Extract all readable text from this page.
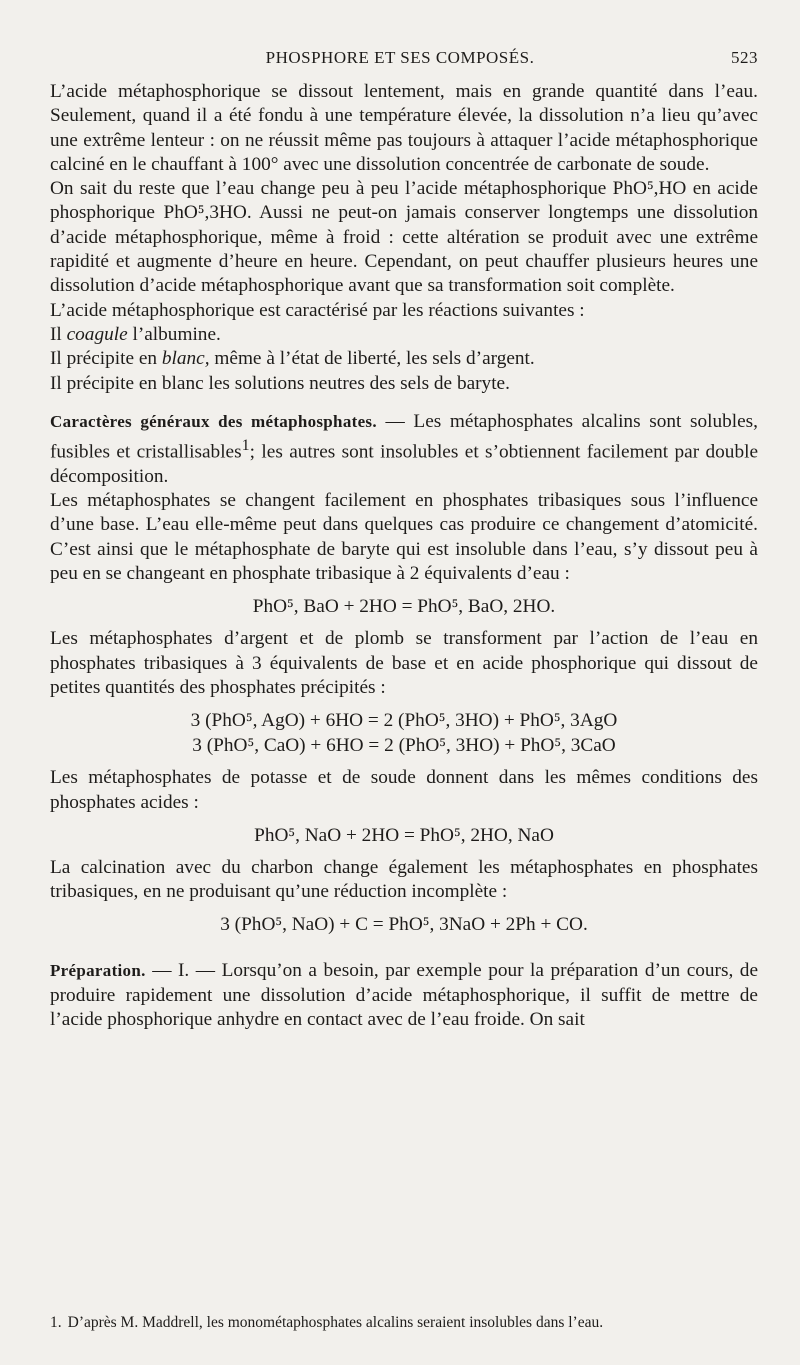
PHOSPHORE ET SES COMPOSÉS.	523

L’acide métaphosphorique se dissout lentement, mais en grande quantité dans l’eau. Seulement, quand il a été fondu à une température élevée, la dissolution n’a lieu qu’avec une extrême lenteur : on ne réussit même pas toujours à attaquer l’acide métaphosphorique calciné en le chauffant à 100° avec une dissolution concentrée de carbonate de soude.

On sait du reste que l’eau change peu à peu l’acide métaphosphorique PhO⁵,HO en acide phosphorique PhO⁵,3HO. Aussi ne peut-on jamais conserver longtemps une dissolution d’acide métaphosphorique, même à froid : cette altération se produit avec une extrême rapidité et augmente d’heure en heure. Cependant, on peut chauffer plusieurs heures une dissolution d’acide métaphosphorique avant que sa transformation soit complète.

L’acide métaphosphorique est caractérisé par les réactions suivantes :

Il coagule l’albumine.

Il précipite en blanc, même à l’état de liberté, les sels d’argent.

Il précipite en blanc les solutions neutres des sels de baryte.

Caractères généraux des métaphosphates. — Les métaphosphates alcalins sont solubles, fusibles et cristallisables$^1$; les autres sont insolubles et s’obtiennent facilement par double décomposition.

Les métaphosphates se changent facilement en phosphates tribasiques sous l’influence d’une base. L’eau elle-même peut dans quelques cas produire ce changement d’atomicité. C’est ainsi que le métaphosphate de baryte qui est insoluble dans l’eau, s’y dissout peu à peu en se changeant en phosphate tribasique à 2 équivalents d’eau :

PhO⁵, BaO + 2HO = PhO⁵, BaO, 2HO.

Les métaphosphates d’argent et de plomb se transforment par l’action de l’eau en phosphates tribasiques à 3 équivalents de base et en acide phosphorique qui dissout de petites quantités des phosphates précipités :

3 (PhO⁵, AgO) + 6HO = 2 (PhO⁵, 3HO) + PhO⁵, 3AgO
3 (PhO⁵, CaO) + 6HO = 2 (PhO⁵, 3HO) + PhO⁵, 3CaO

Les métaphosphates de potasse et de soude donnent dans les mêmes conditions des phosphates acides :

PhO⁵, NaO + 2HO = PhO⁵, 2HO, NaO

La calcination avec du charbon change également les métaphosphates en phosphates tribasiques, en ne produisant qu’une réduction incomplète :

3 (PhO⁵, NaO) + C = PhO⁵, 3NaO + 2Ph + CO.

Préparation. — I. — Lorsqu’on a besoin, par exemple pour la préparation d’un cours, de produire rapidement une dissolution d’acide métaphosphorique, il suffit de mettre de l’acide phosphorique anhydre en contact avec de l’eau froide. On sait

1. D’après M. Maddrell, les monométaphosphates alcalins seraient insolubles dans l’eau.
